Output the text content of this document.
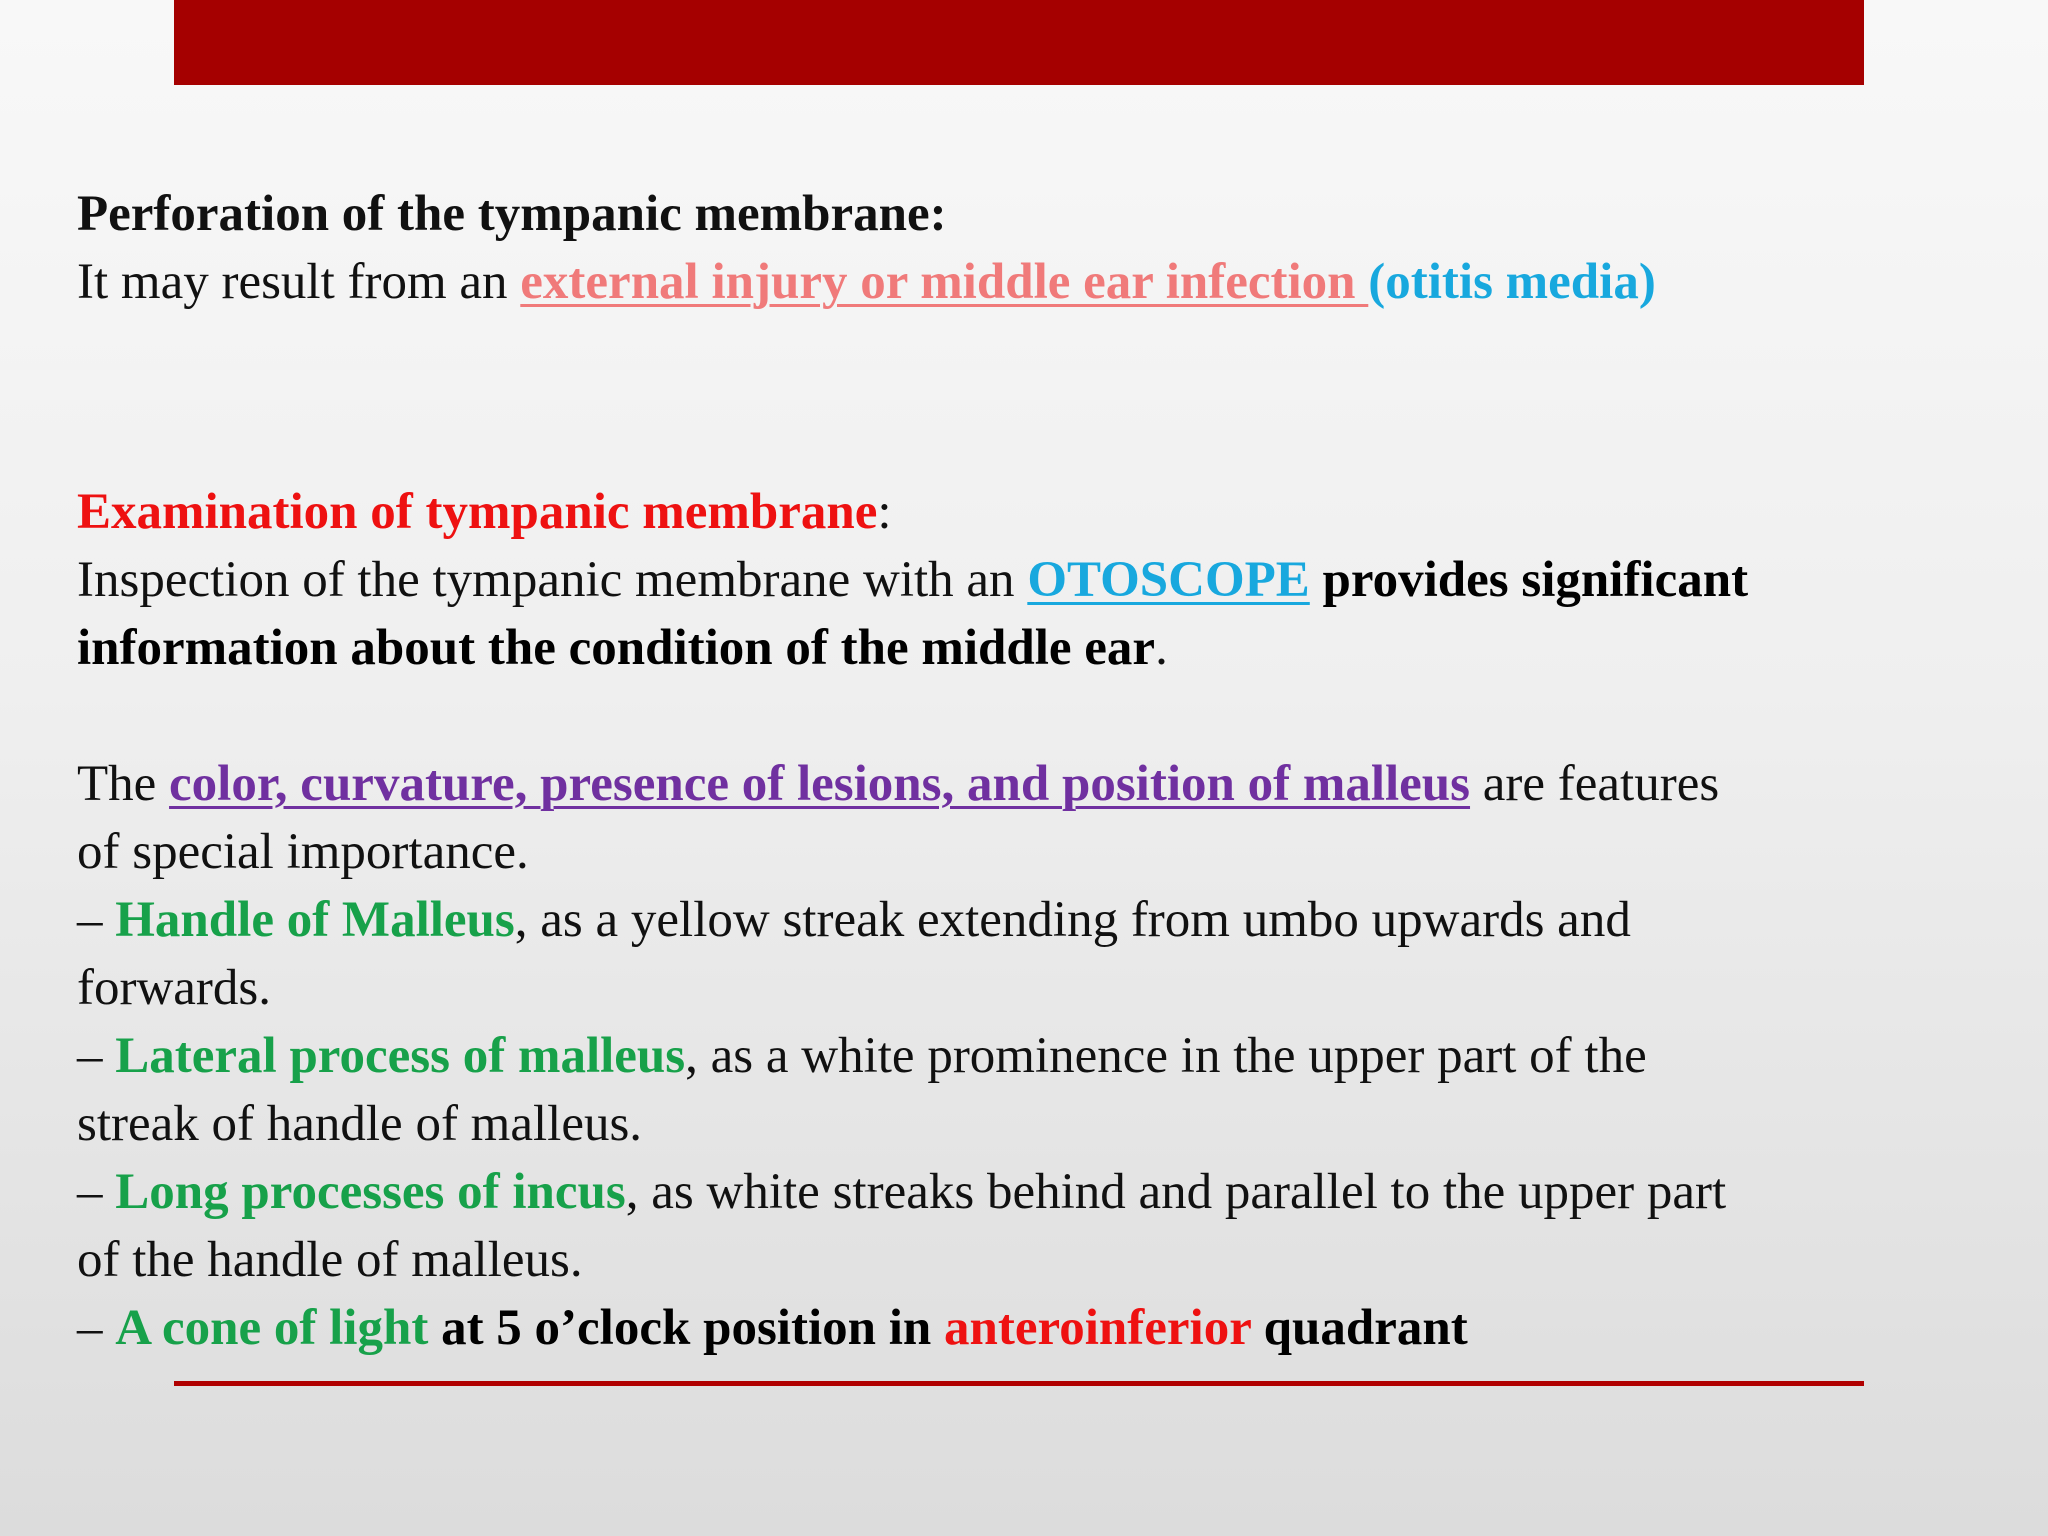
Perforation of the tympanic membrane:

It may result from an external injury or middle ear infection (otitis media)

Examination of tympanic membrane:

Inspection of the tympanic membrane with an OTOSCOPE provides significant

information about the condition of the middle ear.

The color, curvature, presence of lesions, and position of malleus are features

of special importance.

– Handle of Malleus, as a yellow streak extending from umbo upwards and

forwards.

– Lateral process of malleus, as a white prominence in the upper part of the

streak of handle of malleus.

– Long processes of incus, as white streaks behind and parallel to the upper part

of the handle of malleus.

– A cone of light at 5 o’clock position in anteroinferior quadrant
